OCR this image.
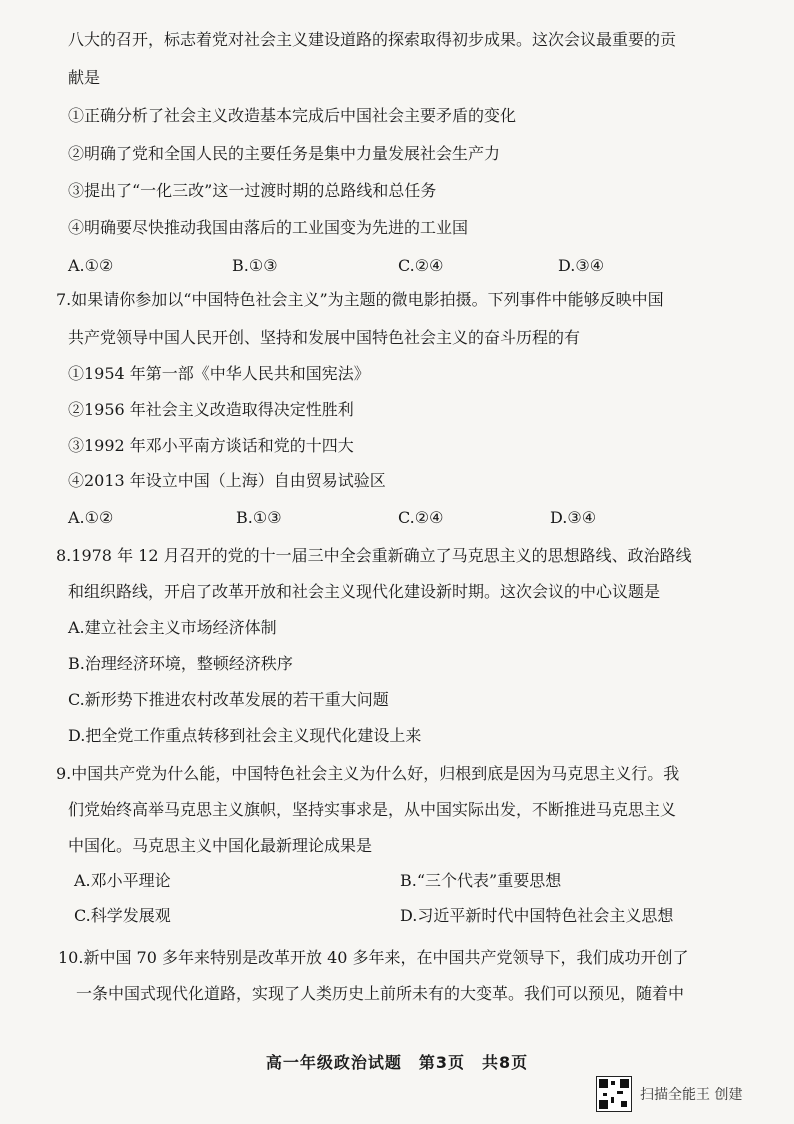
八大的召开，标志着党对社会主义建设道路的探索取得初步成果。这次会议最重要的贡
献是
①正确分析了社会主义改造基本完成后中国社会主要矛盾的变化
②明确了党和全国人民的主要任务是集中力量发展社会生产力
③提出了“一化三改”这一过渡时期的总路线和总任务
④明确要尽快推动我国由落后的工业国变为先进的工业国
A.①②	B.①③	C.②④	D.③④
7.如果请你参加以“中国特色社会主义”为主题的微电影拍摄。下列事件中能够反映中国
共产党领导中国人民开创、坚持和发展中国特色社会主义的奋斗历程的有
①1954 年第一部《中华人民共和国宪法》
②1956 年社会主义改造取得决定性胜利
③1992 年邓小平南方谈话和党的十四大
④2013 年设立中国（上海）自由贸易试验区
A.①②	B.①③	C.②④	D.③④
8.1978 年 12 月召开的党的十一届三中全会重新确立了马克思主义的思想路线、政治路线
和组织路线，开启了改革开放和社会主义现代化建设新时期。这次会议的中心议题是
A.建立社会主义市场经济体制
B.治理经济环境，整顿经济秩序
C.新形势下推进农村改革发展的若干重大问题
D.把全党工作重点转移到社会主义现代化建设上来
9.中国共产党为什么能，中国特色社会主义为什么好，归根到底是因为马克思主义行。我
们党始终高举马克思主义旗帜，坚持实事求是，从中国实际出发，不断推进马克思主义
中国化。马克思主义中国化最新理论成果是
A.邓小平理论	B.“三个代表”重要思想
C.科学发展观	D.习近平新时代中国特色社会主义思想
10.新中国 70 多年来特别是改革开放 40 多年来，在中国共产党领导下，我们成功开创了
一条中国式现代化道路，实现了人类历史上前所未有的大变革。我们可以预见，随着中
高一年级政治试题　第3页　共8页
扫描全能王 创建
